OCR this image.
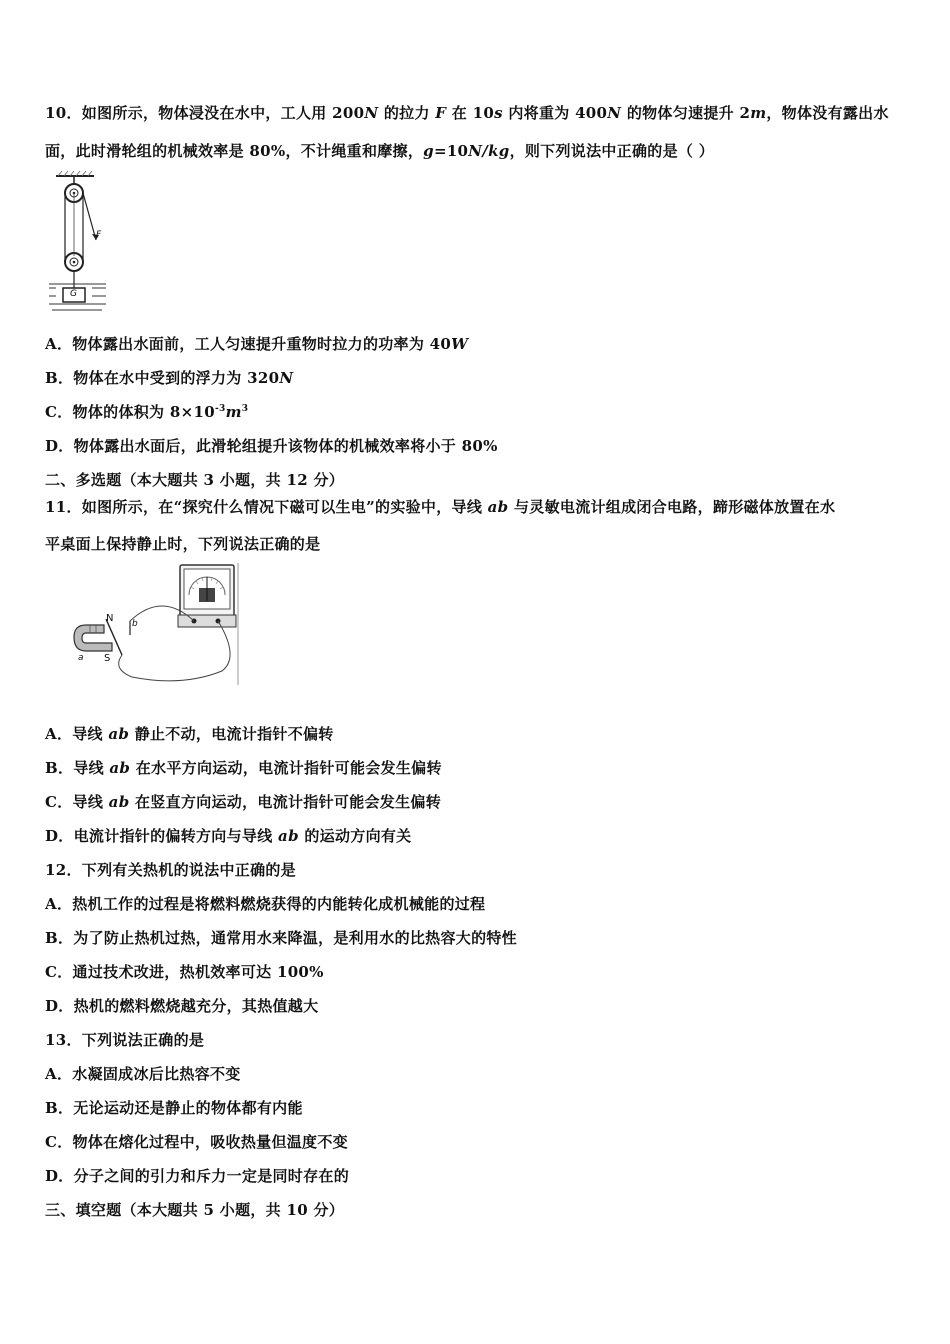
10．如图所示，物体浸没在水中，工人用 200N 的拉力 F 在 10s 内将重为 400N 的物体匀速提升 2m，物体没有露出水
面，此时滑轮组的机械效率是 80%，不计绳重和摩擦，g=10N/kg，则下列说法中正确的是（ ）
F
G
A．物体露出水面前，工人匀速提升重物时拉力的功率为 40W
B．物体在水中受到的浮力为 320N
C．物体的体积为 $8\times 10^{-3}m^3$
D．物体露出水面后，此滑轮组提升该物体的机械效率将小于 80%
二、多选题（本大题共 3 小题，共 12 分）
11．如图所示，在“探究什么情况下磁可以生电”的实验中，导线 ab 与灵敏电流计组成闭合电路，蹄形磁体放置在水
平桌面上保持静止时，下列说法正确的是
N
S
a
b
A．导线 ab 静止不动，电流计指针不偏转
B．导线 ab 在水平方向运动，电流计指针可能会发生偏转
C．导线 ab 在竖直方向运动，电流计指针可能会发生偏转
D．电流计指针的偏转方向与导线 ab 的运动方向有关
12．下列有关热机的说法中正确的是
A．热机工作的过程是将燃料燃烧获得的内能转化成机械能的过程
B．为了防止热机过热，通常用水来降温，是利用水的比热容大的特性
C．通过技术改进，热机效率可达 100%
D．热机的燃料燃烧越充分，其热值越大
13．下列说法正确的是
A．水凝固成冰后比热容不变
B．无论运动还是静止的物体都有内能
C．物体在熔化过程中，吸收热量但温度不变
D．分子之间的引力和斥力一定是同时存在的
三、填空题（本大题共 5 小题，共 10 分）
